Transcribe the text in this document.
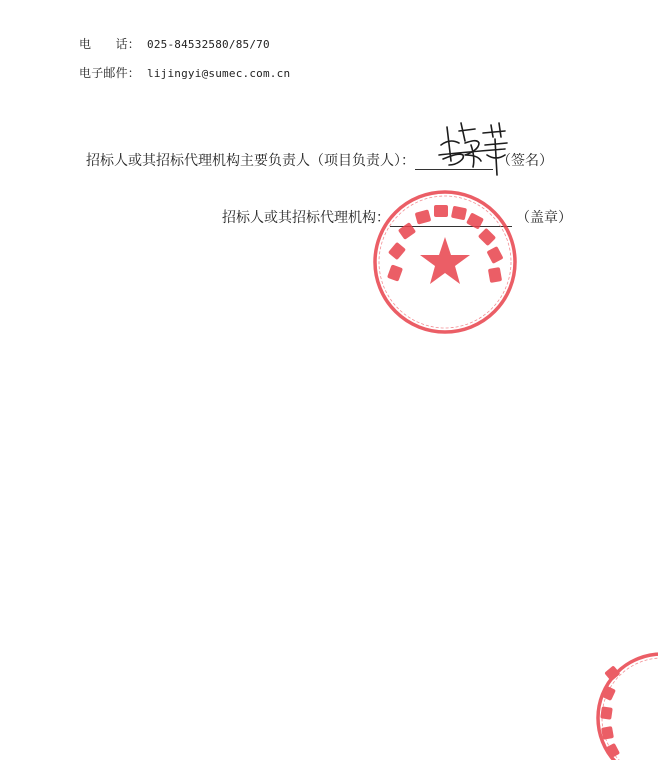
电　　话： 025-84532580/85/70
电子邮件： lijingyi@sumec.com.cn
招标人或其招标代理机构主要负责人（项目负责人）：	（签名）
招标人或其招标代理机构：	（盖章）
